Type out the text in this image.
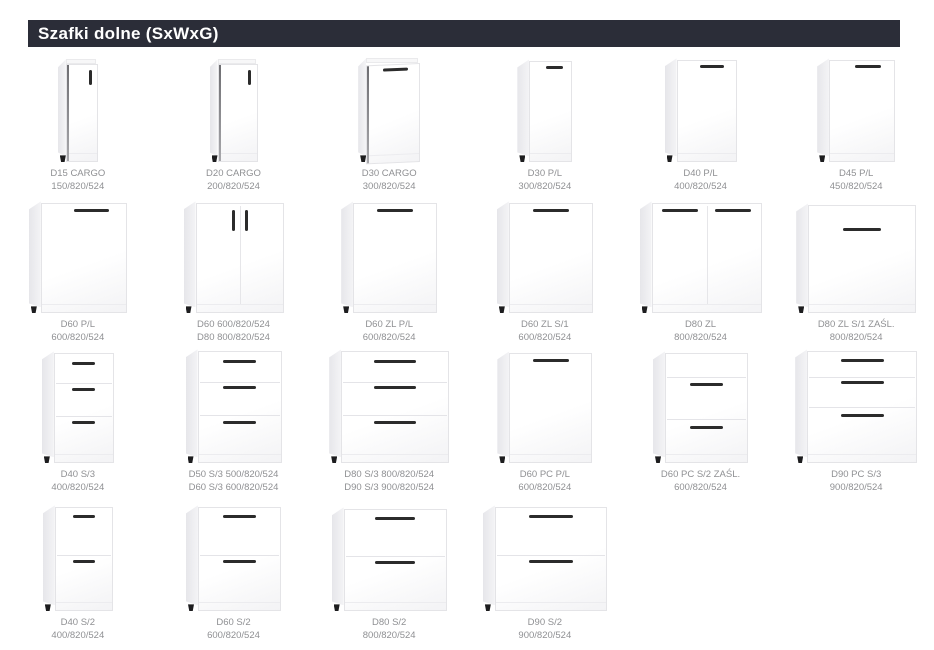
Szafki dolne (SxWxG)
D15 CARGO
150/820/524
D20 CARGO
200/820/524
D30 CARGO
300/820/524
D30 P/L
300/820/524
D40 P/L
400/820/524
D45 P/L
450/820/524
D60 P/L
600/820/524
D60 600/820/524
D80 800/820/524
D60 ZL P/L
600/820/524
D60 ZL S/1
600/820/524
D80 ZL
800/820/524
D80 ZL S/1 ZAŚL.
800/820/524
D40 S/3
400/820/524
D50 S/3 500/820/524
D60 S/3 600/820/524
D80 S/3 800/820/524
D90 S/3 900/820/524
D60 PC P/L
600/820/524
D60 PC S/2 ZAŚL.
600/820/524
D90 PC S/3
900/820/524
D40 S/2
400/820/524
D60 S/2
600/820/524
D80 S/2
800/820/524
D90 S/2
900/820/524
